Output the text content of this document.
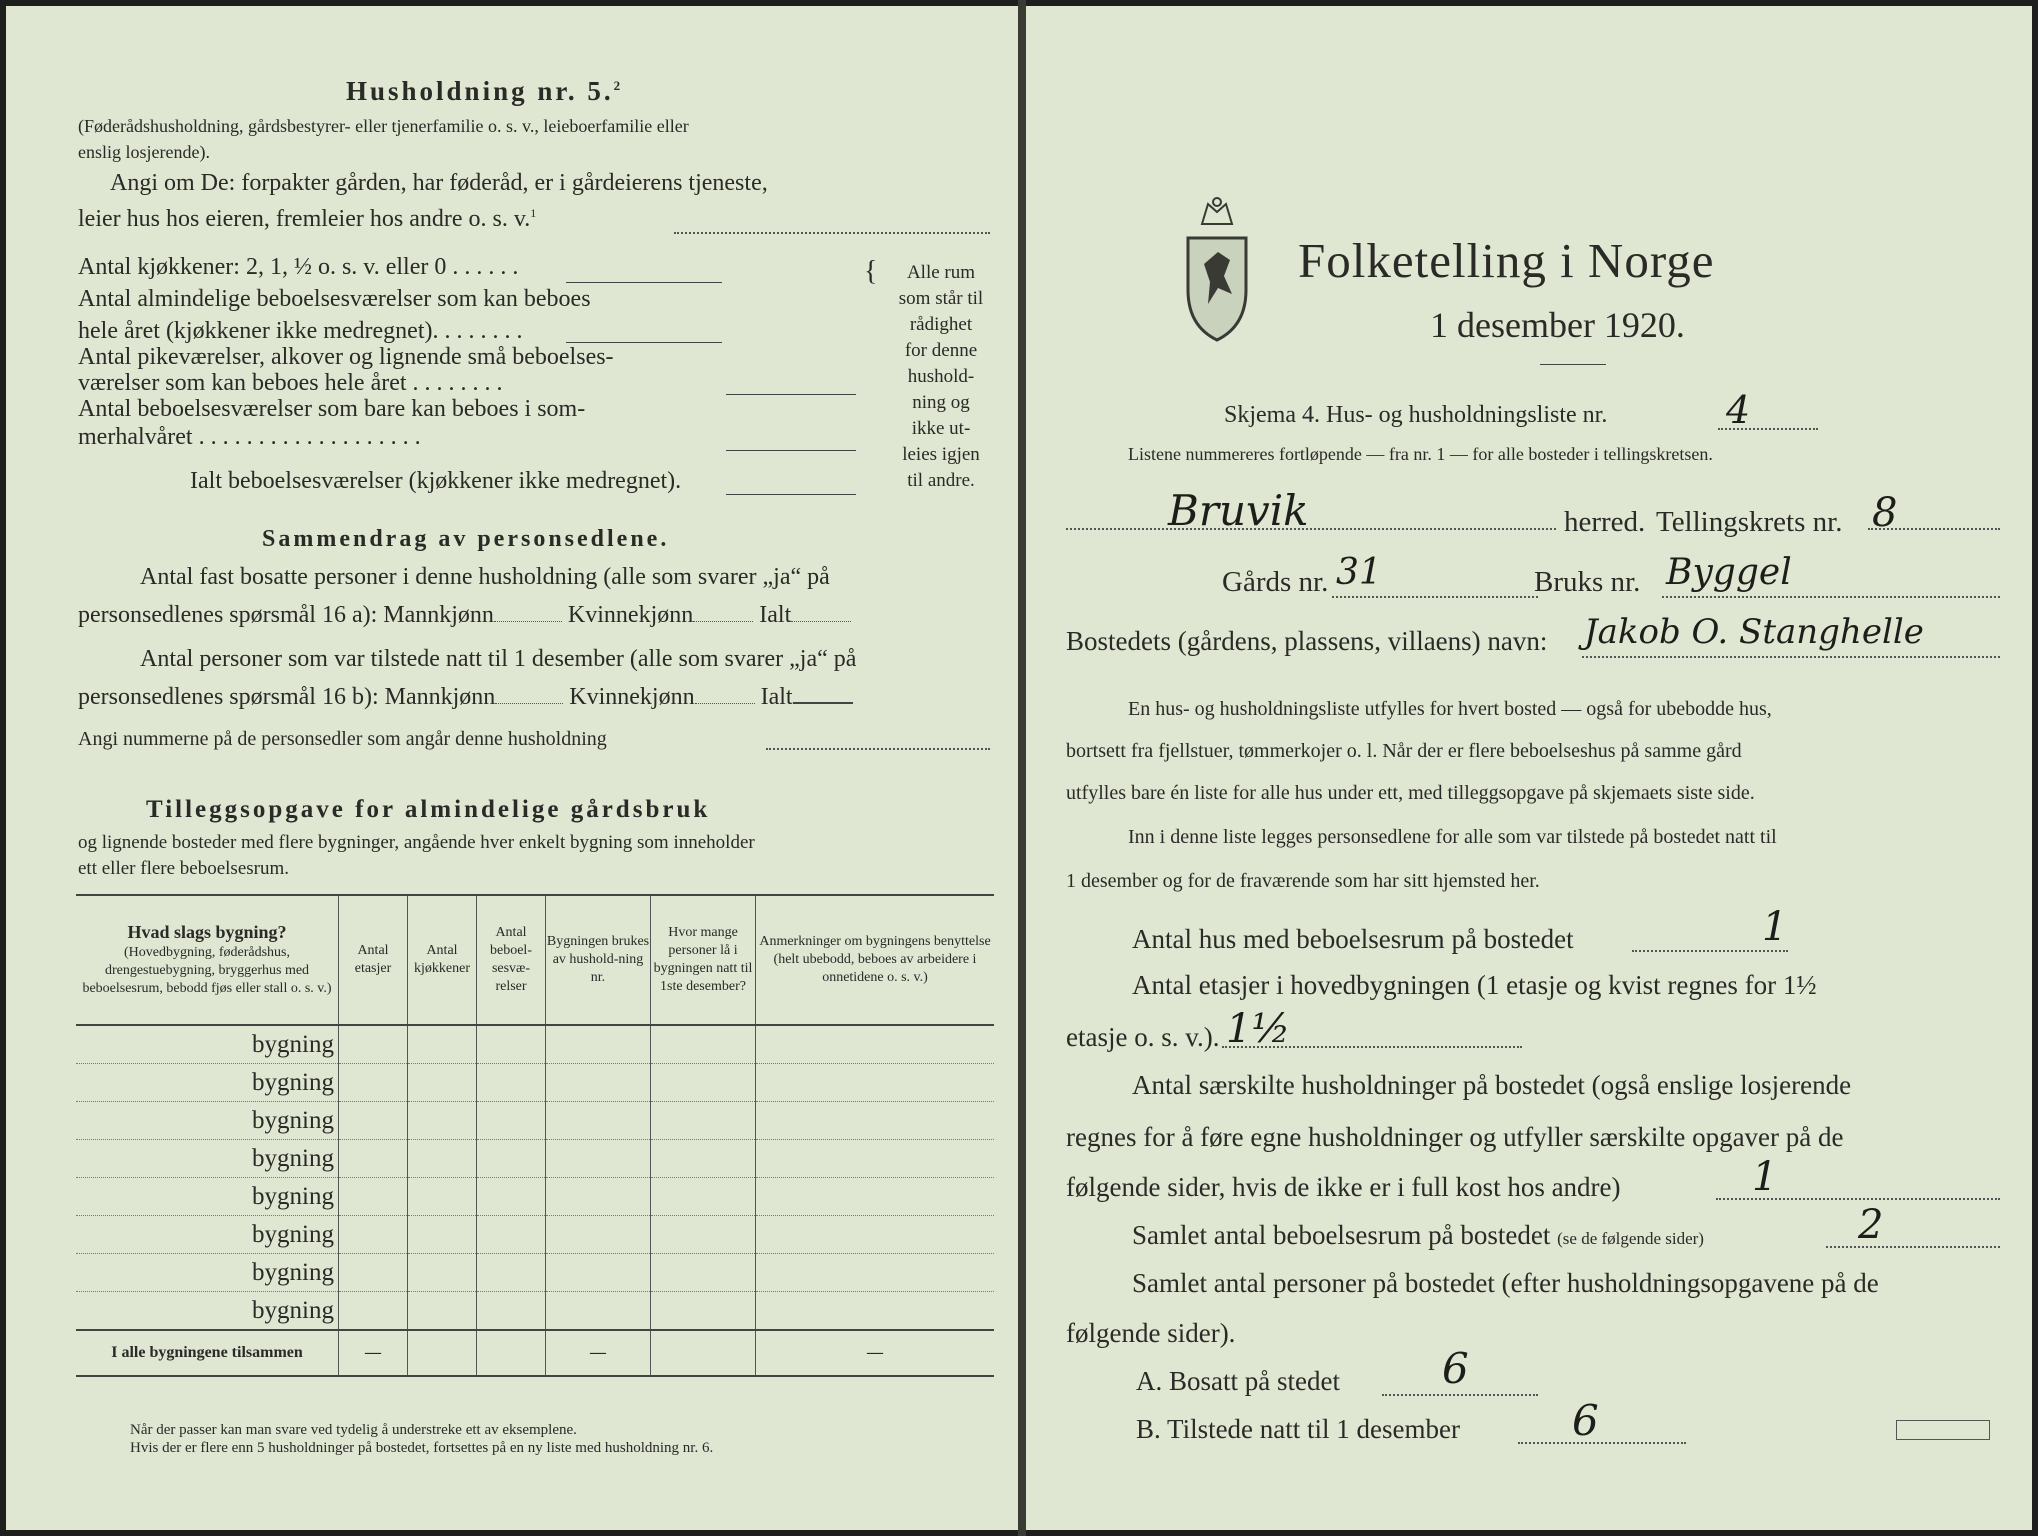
Husholdning nr. 5.$^2$
(Føderådshusholdning, gårdsbestyrer- eller tjenerfamilie o. s. v., leieboerfamilie eller
enslig losjerende).
Angi om De: forpakter gården, har føderåd, er i gårdeierens tjeneste,
leier hus hos eieren, fremleier hos andre o. s. v.$^1$
Antal kjøkkener: 2, 1, ½ o. s. v. eller 0 . . . . . .
Antal almindelige beboelsesværelser som kan beboes
hele året (kjøkkener ikke medregnet). . . . . . . .
Antal pikeværelser, alkover og lignende små beboelses-
værelser som kan beboes hele året . . . . . . . .
Antal beboelsesværelser som bare kan beboes i som-
merhalvåret . . . . . . . . . . . . . . . . . . .
Ialt beboelsesværelser (kjøkkener ikke medregnet).
{	Alle rum
som står til
rådighet
for denne
hushold-
ning og
ikke ut-
leies igjen
til andre.
Sammendrag av personsedlene.
Antal fast bosatte personer i denne husholdning (alle som svarer „ja“ på
personsedlenes spørsmål 16 a): Mannkjønn	Kvinnekjønn	Ialt
Antal personer som var tilstede natt til 1 desember (alle som svarer „ja“ på
personsedlenes spørsmål 16 b): Mannkjønn	Kvinnekjønn	Ialt
Angi nummerne på de personsedler som angår denne husholdning
Tilleggsopgave for almindelige gårdsbruk
og lignende bosteder med flere bygninger, angående hver enkelt bygning som inneholder
ett eller flere beboelsesrum.
Hvad slags bygning?
(Hovedbygning, føderådshus, drengestuebygning, bryggerhus med beboelsesrum, bebodd fjøs eller stall o. s. v.)	Antal etasjer	Antal kjøkkener	Antal beboel-sesvæ-relser	Bygningen brukes av hushold-ning nr.	Hvor mange personer lå i bygningen natt til 1ste desember?	Anmerkninger om bygningens benyttelse (helt ubebodd, beboes av arbeidere i onnetidene o. s. v.)
bygning						
bygning						
bygning						
bygning						
bygning						
bygning						
bygning						
bygning						
I alle bygningene tilsammen	—			—		—
Når der passer kan man svare ved tydelig å understreke ett av eksemplene.
Hvis der er flere enn 5 husholdninger på bostedet, fortsettes på en ny liste med husholdning nr. 6.
Folketelling i Norge
1 desember 1920.
Skjema 4. Hus- og husholdningsliste nr.	4
Listene nummereres fortløpende — fra nr. 1 — for alle bosteder i tellingskretsen.
Bruvik	herred. Tellingskrets nr. 8
Gårds nr. 31	Bruks nr. Byggel
Bostedets (gårdens, plassens, villaens) navn: Jakob O. Stanghelle
En hus- og husholdningsliste utfylles for hvert bosted — også for ubebodde hus,
bortsett fra fjellstuer, tømmerkojer o. l. Når der er flere beboelseshus på samme gård
utfylles bare én liste for alle hus under ett, med tilleggsopgave på skjemaets siste side.
Inn i denne liste legges personsedlene for alle som var tilstede på bostedet natt til
1 desember og for de fraværende som har sitt hjemsted her.
Antal hus med beboelsesrum på bostedet	1
Antal etasjer i hovedbygningen (1 etasje og kvist regnes for 1½
etasje o. s. v.). 1½
Antal særskilte husholdninger på bostedet (også enslige losjerende
regnes for å føre egne husholdninger og utfyller særskilte opgaver på de
følgende sider, hvis de ikke er i full kost hos andre)	1
Samlet antal beboelsesrum på bostedet (se de følgende sider)	2
Samlet antal personer på bostedet (efter husholdningsopgavene på de
følgende sider).
A. Bosatt på stedet 6
B. Tilstede natt til 1 desember	6
